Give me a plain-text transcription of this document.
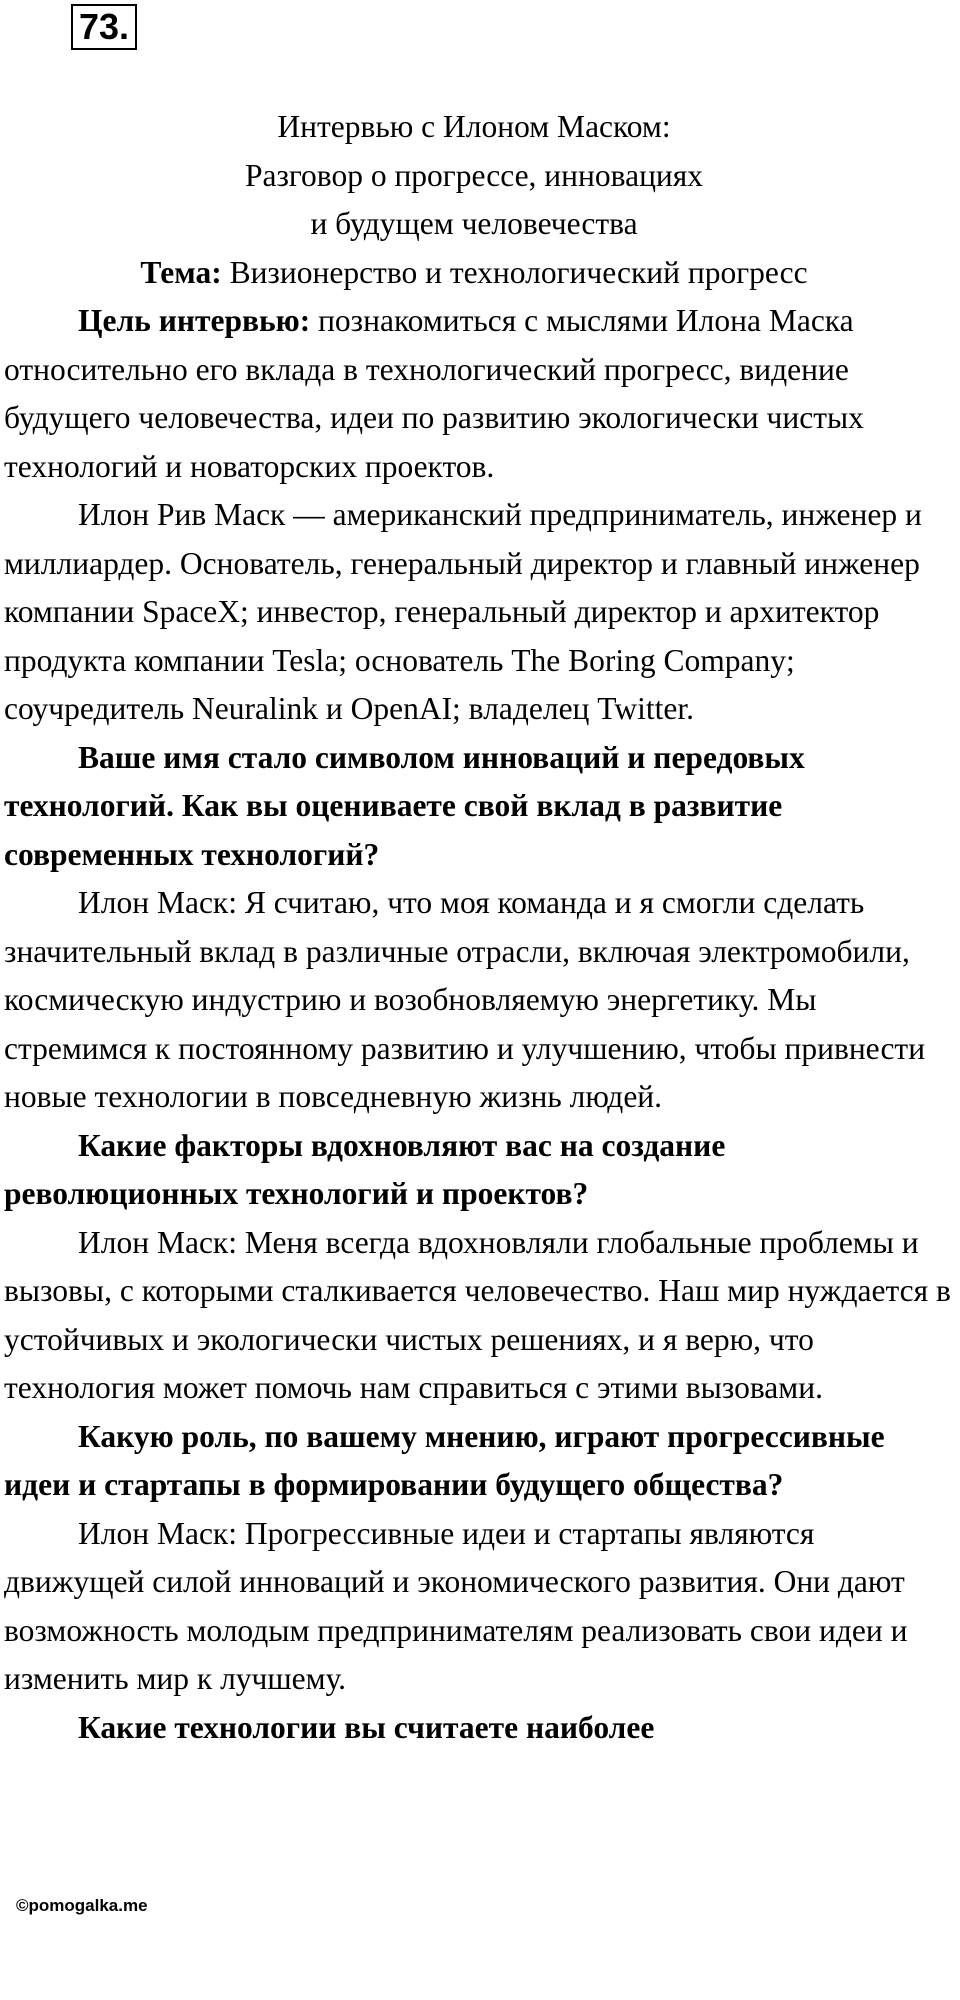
73.
Интервью с Илоном Маском:
Разговор о прогрессе, инновациях
и будущем человечества
Тема: Визионерство и технологический прогресс

Цель интервью: познакомиться с мыслями Илона Маска относительно его вклада в технологический прогресс, видение будущего человечества, идеи по развитию экологически чистых технологий и новаторских проектов.

Илон Рив Маск — американский предприниматель, инженер и миллиардер. Основатель, генеральный директор и главный инженер компании SpaceX; инвестор, генеральный директор и архитектор продукта компании Tesla; основатель The Boring Company; соучредитель Neuralink и OpenAI; владелец Twitter.

Ваше имя стало символом инноваций и передовых технологий. Как вы оцениваете свой вклад в развитие современных технологий?

Илон Маск: Я считаю, что моя команда и я смогли сделать значительный вклад в различные отрасли, включая электромобили, космическую индустрию и возобновляемую энергетику. Мы стремимся к постоянному развитию и улучшению, чтобы привнести новые технологии в повседневную жизнь людей.

Какие факторы вдохновляют вас на создание революционных технологий и проектов?

Илон Маск: Меня всегда вдохновляли глобальные проблемы и вызовы, с которыми сталкивается человечество. Наш мир нуждается в устойчивых и экологически чистых решениях, и я верю, что технология может помочь нам справиться с этими вызовами.

Какую роль, по вашему мнению, играют прогрессивные идеи и стартапы в формировании будущего общества?

Илон Маск: Прогрессивные идеи и стартапы являются движущей силой инноваций и экономического развития. Они дают возможность молодым предпринимателям реализовать свои идеи и изменить мир к лучшему.

Какие технологии вы считаете наиболее

©pomogalka.me
